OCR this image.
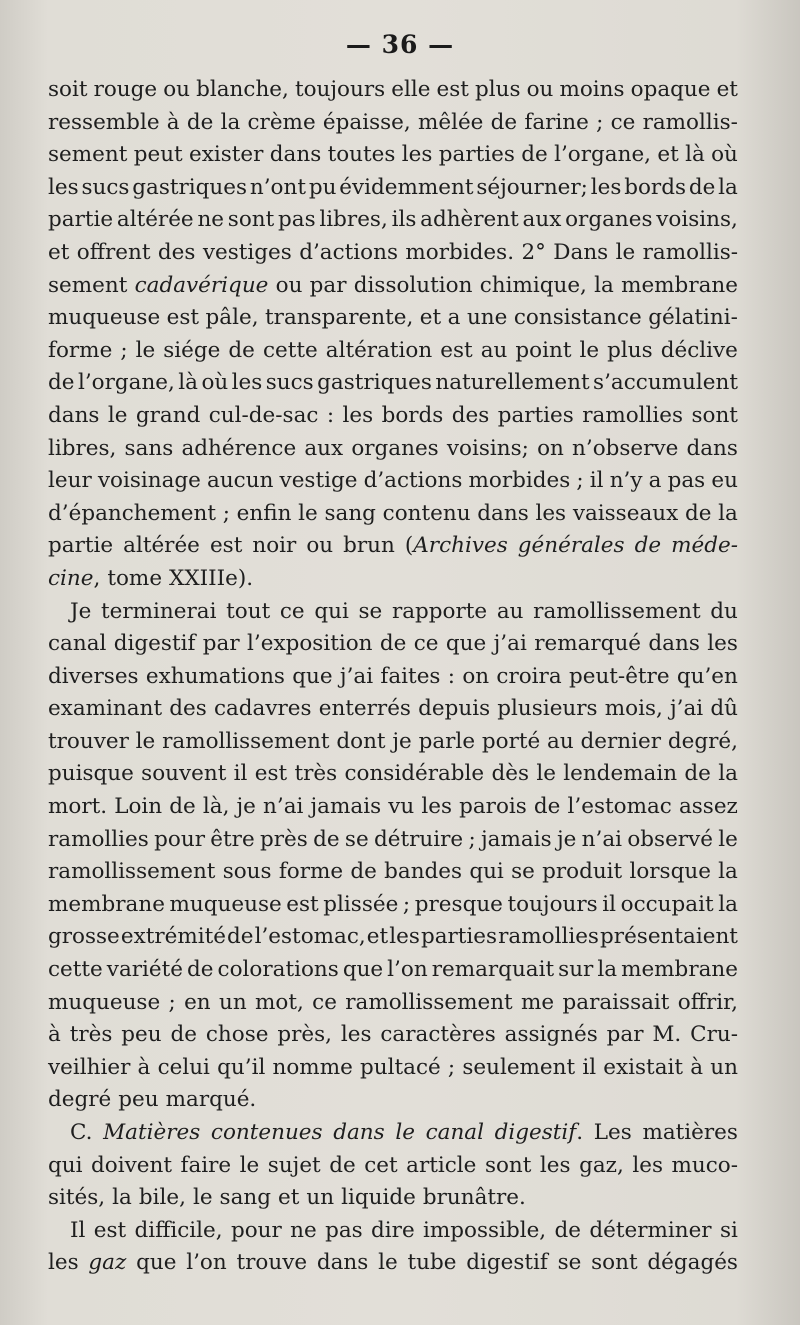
— 36 —
soit rouge ou blanche, toujours elle est plus ou moins opaque et
ressemble à de la crème épaisse, mêlée de farine ; ce ramollis-
sement peut exister dans toutes les parties de l’organe, et là où
les sucs gastriques n’ont pu évidemment séjourner; les bords de la
partie altérée ne sont pas libres, ils adhèrent aux organes voisins,
et offrent des vestiges d’actions morbides. 2° Dans le ramollis-
sement cadavérique ou par dissolution chimique, la membrane
muqueuse est pâle, transparente, et a une consistance gélatini-
forme ; le siége de cette altération est au point le plus déclive
de l’organe, là où les sucs gastriques naturellement s’accumulent
dans le grand cul-de-sac : les bords des parties ramollies sont
libres, sans adhérence aux organes voisins; on n’observe dans
leur voisinage aucun vestige d’actions morbides ; il n’y a pas eu
d’épanchement ; enfin le sang contenu dans les vaisseaux de la
partie altérée est noir ou brun (Archives générales de méde-
cine, tome XXIIIe).
Je terminerai tout ce qui se rapporte au ramollissement du
canal digestif par l’exposition de ce que j’ai remarqué dans les
diverses exhumations que j’ai faites : on croira peut-être qu’en
examinant des cadavres enterrés depuis plusieurs mois, j’ai dû
trouver le ramollissement dont je parle porté au dernier degré,
puisque souvent il est très considérable dès le lendemain de la
mort. Loin de là, je n’ai jamais vu les parois de l’estomac assez
ramollies pour être près de se détruire ; jamais je n’ai observé le
ramollissement sous forme de bandes qui se produit lorsque la
membrane muqueuse est plissée ; presque toujours il occupait la
grosse extrémité de l’estomac, et les parties ramollies présentaient
cette variété de colorations que l’on remarquait sur la membrane
muqueuse ; en un mot, ce ramollissement me paraissait offrir,
à très peu de chose près, les caractères assignés par M. Cru-
veilhier à celui qu’il nomme pultacé ; seulement il existait à un
degré peu marqué.
C. Matières contenues dans le canal digestif. Les matières
qui doivent faire le sujet de cet article sont les gaz, les muco-
sités, la bile, le sang et un liquide brunâtre.
Il est difficile, pour ne pas dire impossible, de déterminer si
les gaz que l’on trouve dans le tube digestif se sont dégagés
